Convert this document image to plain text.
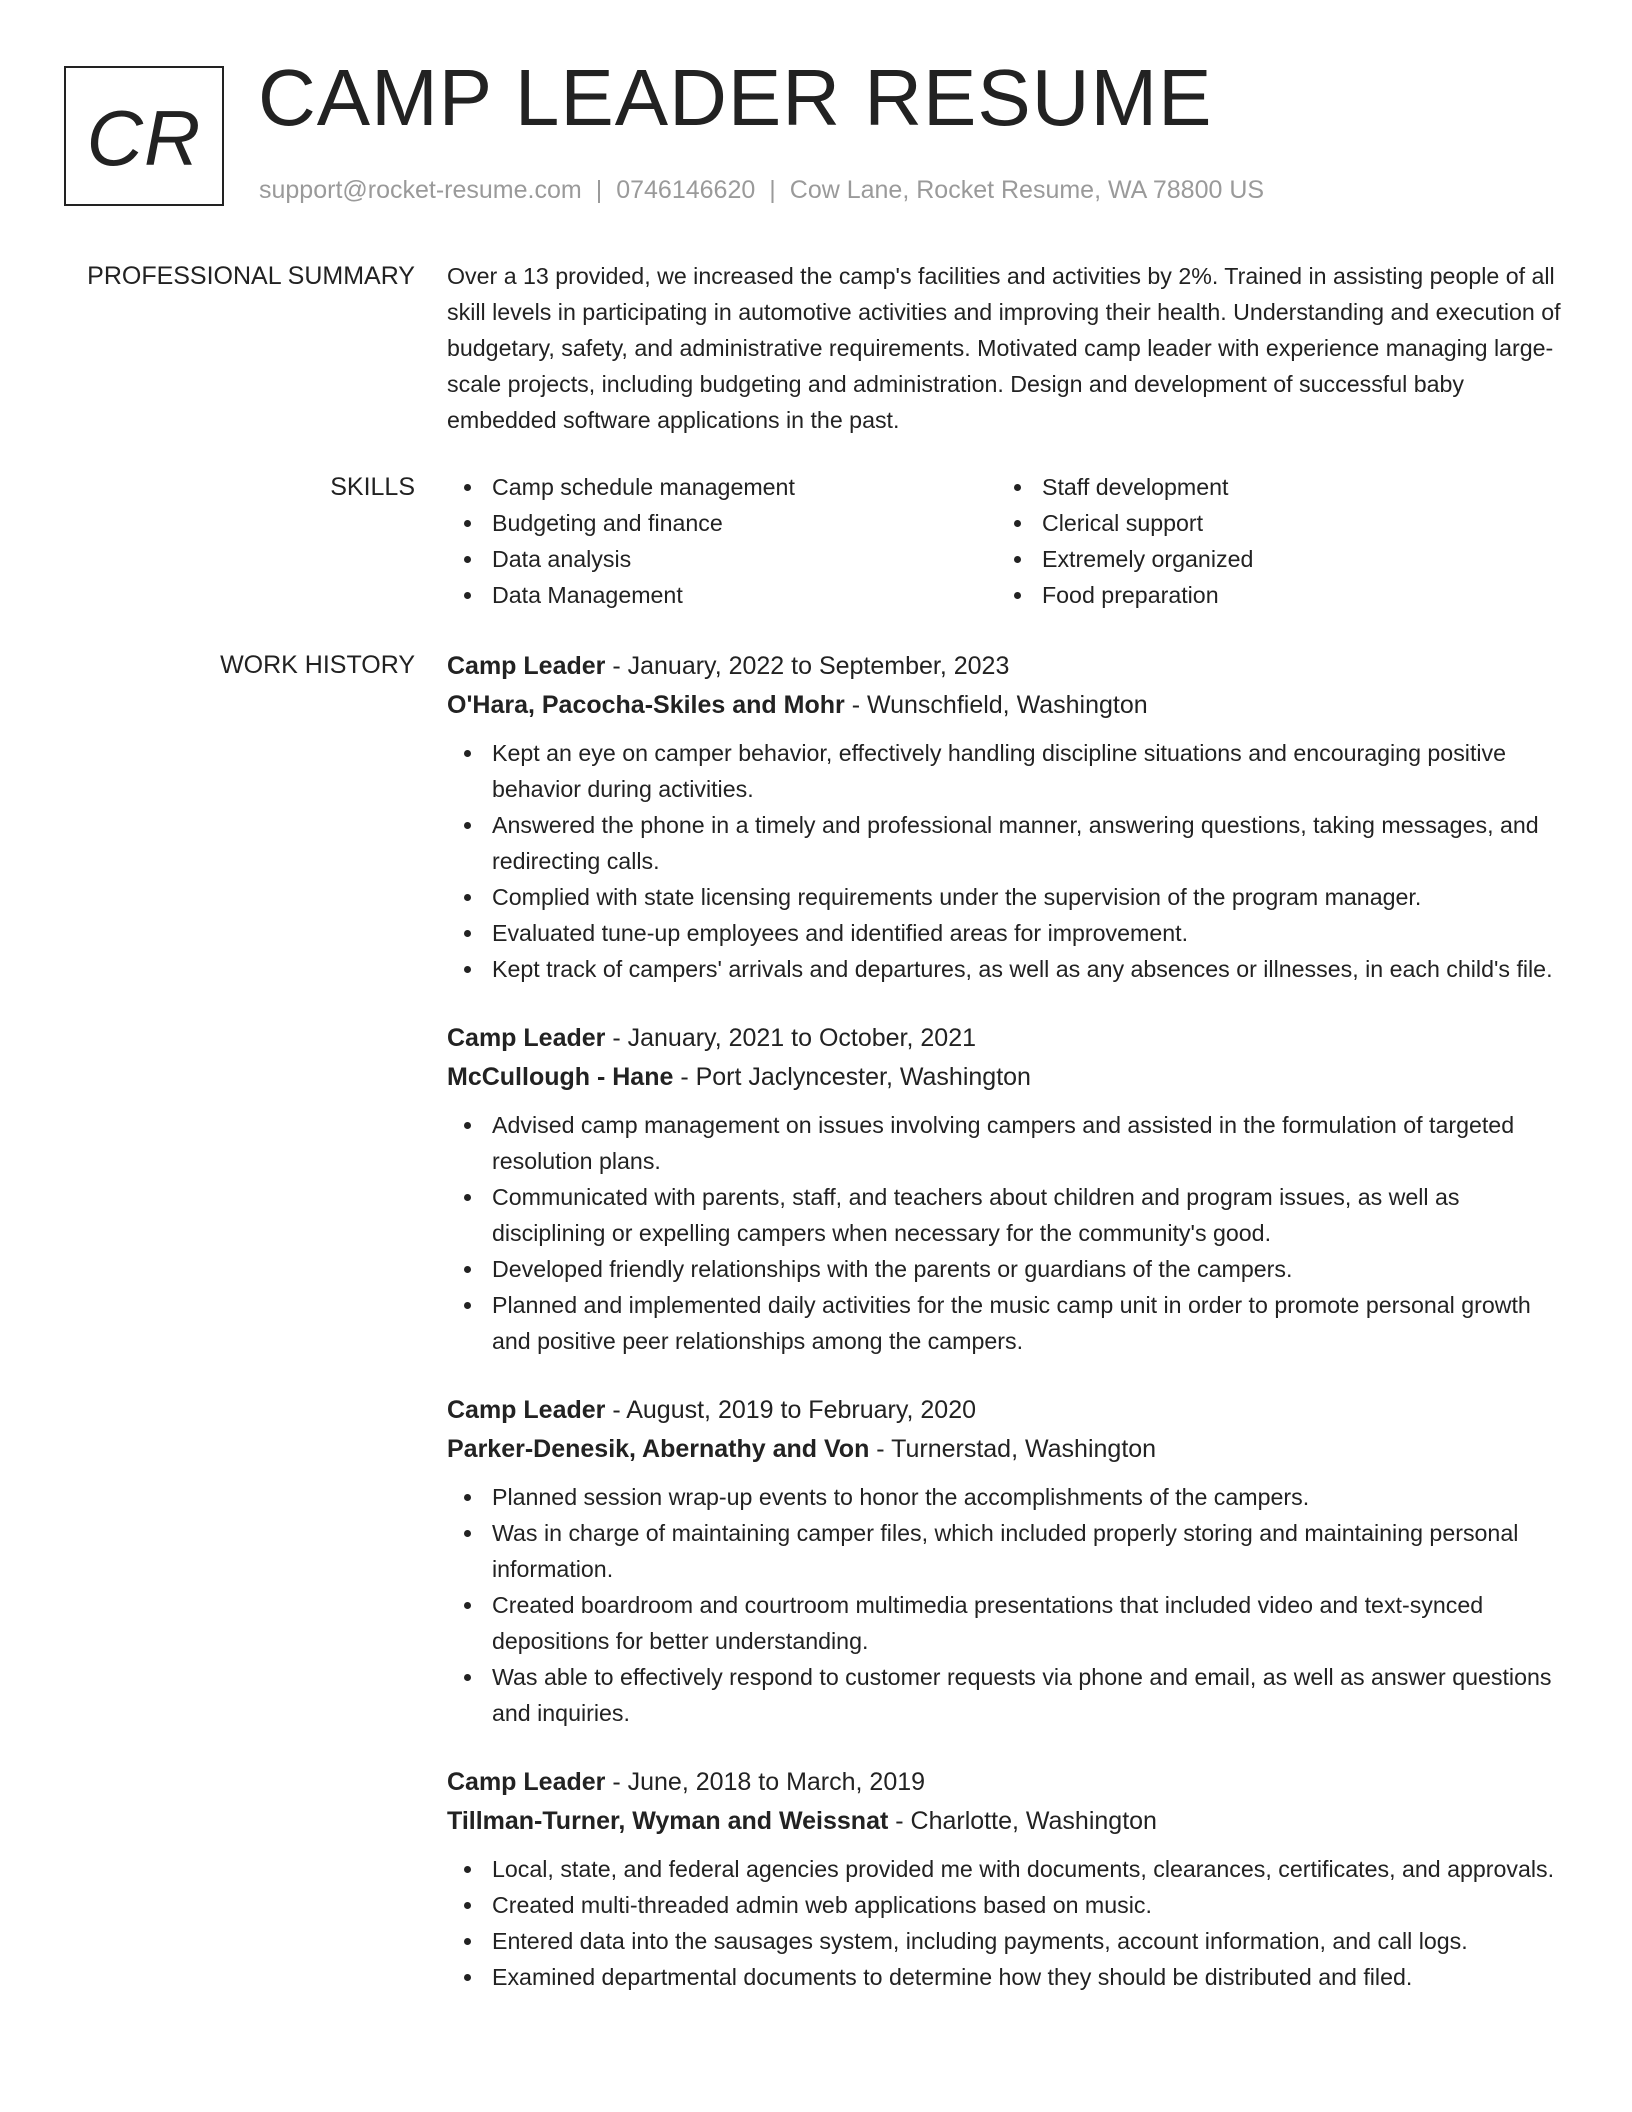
CR CAMP LEADER RESUME
support@rocket-resume.com | 0746146620 | Cow Lane, Rocket Resume, WA 78800 US
PROFESSIONAL SUMMARY Over a 13 provided, we increased the camp's facilities and activities by 2%. Trained in assisting people of all skill levels in participating in automotive activities and improving their health. Understanding and execution of budgetary, safety, and administrative requirements. Motivated camp leader with experience managing large-scale projects, including budgeting and administration. Design and development of successful baby embedded software applications in the past.

SKILLS	Camp schedule management
Budgeting and finance
Data analysis
Data Management
Staff development
Clerical support
Extremely organized
Food preparation
WORK HISTORY Camp Leader - January, 2022 to September, 2023
O'Hara, Pacocha-Skiles and Mohr - Wunschfield, Washington
Kept an eye on camper behavior, effectively handling discipline situations and encouraging positive behavior during activities.
Answered the phone in a timely and professional manner, answering questions, taking messages, and redirecting calls.
Complied with state licensing requirements under the supervision of the program manager.
Evaluated tune-up employees and identified areas for improvement.
Kept track of campers' arrivals and departures, as well as any absences or illnesses, in each child's file.
Camp Leader - January, 2021 to October, 2021
McCullough - Hane - Port Jaclyncester, Washington
Advised camp management on issues involving campers and assisted in the formulation of targeted resolution plans.
Communicated with parents, staff, and teachers about children and program issues, as well as disciplining or expelling campers when necessary for the community's good.
Developed friendly relationships with the parents or guardians of the campers.
Planned and implemented daily activities for the music camp unit in order to promote personal growth and positive peer relationships among the campers.
Camp Leader - August, 2019 to February, 2020
Parker-Denesik, Abernathy and Von - Turnerstad, Washington
Planned session wrap-up events to honor the accomplishments of the campers.
Was in charge of maintaining camper files, which included properly storing and maintaining personal information.
Created boardroom and courtroom multimedia presentations that included video and text-synced depositions for better understanding.
Was able to effectively respond to customer requests via phone and email, as well as answer questions and inquiries.
Camp Leader - June, 2018 to March, 2019
Tillman-Turner, Wyman and Weissnat - Charlotte, Washington
Local, state, and federal agencies provided me with documents, clearances, certificates, and approvals.
Created multi-threaded admin web applications based on music.
Entered data into the sausages system, including payments, account information, and call logs.
Examined departmental documents to determine how they should be distributed and filed.
